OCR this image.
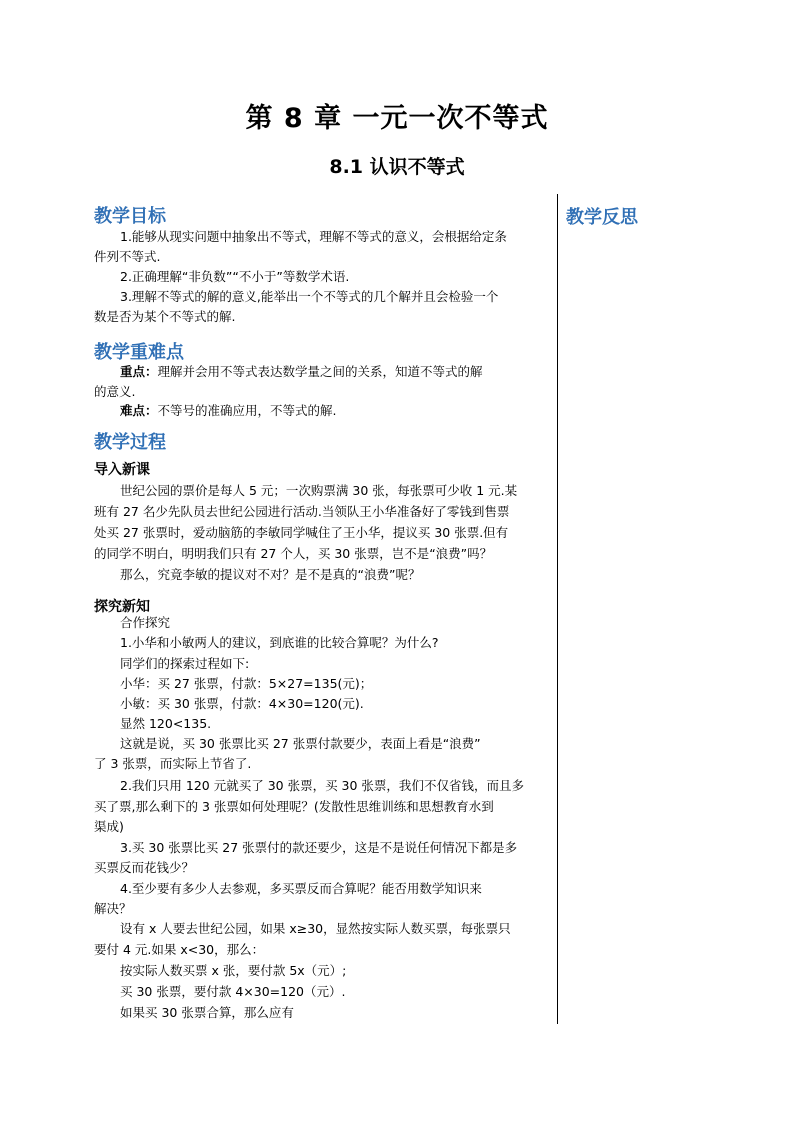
第 8 章 一元一次不等式
8.1 认识不等式
教学反思
教学目标
1.能够从现实问题中抽象出不等式，理解不等式的意义，会根据给定条
件列不等式.
2.正确理解“非负数”“不小于”等数学术语.
3.理解不等式的解的意义,能举出一个不等式的几个解并且会检验一个
数是否为某个不等式的解.
教学重难点
重点：理解并会用不等式表达数学量之间的关系，知道不等式的解
的意义.
难点：不等号的准确应用，不等式的解.
教学过程
导入新课
世纪公园的票价是每人 5 元；一次购票满 30 张，每张票可少收 1 元.某
班有 27 名少先队员去世纪公园进行活动.当领队王小华准备好了零钱到售票
处买 27 张票时，爱动脑筋的李敏同学喊住了王小华，提议买 30 张票.但有
的同学不明白，明明我们只有 27 个人，买 30 张票，岂不是“浪费”吗？
那么，究竟李敏的提议对不对？是不是真的“浪费”呢？
探究新知
合作探究
1.小华和小敏两人的建议，到底谁的比较合算呢？为什么?
同学们的探索过程如下:
小华：买 27 张票，付款：5×27=135(元)；
小敏：买 30 张票，付款：4×30=120(元).
显然 120<135.
这就是说，买 30 张票比买 27 张票付款要少，表面上看是“浪费”
了 3 张票，而实际上节省了.
2.我们只用 120 元就买了 30 张票，买 30 张票，我们不仅省钱，而且多
买了票,那么剩下的 3 张票如何处理呢？(发散性思维训练和思想教育水到
渠成)
3.买 30 张票比买 27 张票付的款还要少，这是不是说任何情况下都是多
买票反而花钱少？
4.至少要有多少人去参观，多买票反而合算呢？能否用数学知识来
解决？
设有 x 人要去世纪公园，如果 x≥30，显然按实际人数买票，每张票只
要付 4 元.如果 x<30，那么：
按实际人数买票 x 张，要付款 5x（元）;
买 30 张票，要付款 4×30=120（元）.
如果买 30 张票合算，那么应有
